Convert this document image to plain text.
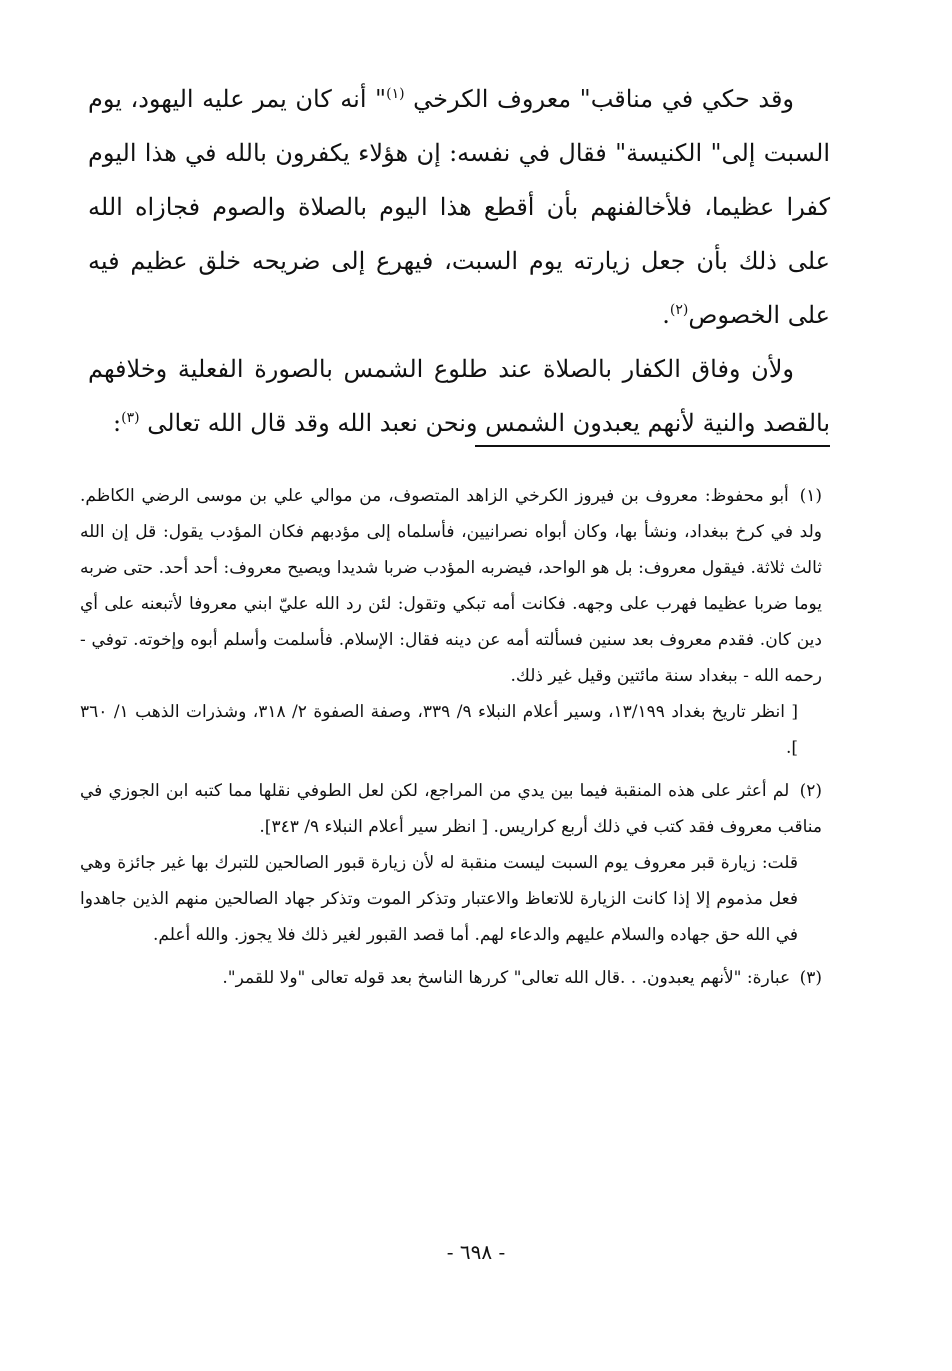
وقد حكي في مناقب" معروف الكرخي $^{(١)}$" أنه كان يمر عليه اليهود، يوم السبت إلى" الكنيسة" فقال في نفسه: إن هؤلاء يكفرون بالله في هذا اليوم كفرا عظيما، فلأخالفنهم بأن أقطع هذا اليوم بالصلاة والصوم فجازاه الله على ذلك بأن جعل زيارته يوم السبت، فيهرع إلى ضريحه خلق عظيم فيه على الخصوص$^{(٢)}$.

ولأن وفاق الكفار بالصلاة عند طلوع الشمس بالصورة الفعلية وخلافهم بالقصد والنية لأنهم يعبدون الشمس ونحن نعبد الله وقد قال الله تعالى $^{(٣)}$:

(١) أبو محفوظ: معروف بن فيروز الكرخي الزاهد المتصوف، من موالي علي بن موسى الرضي الكاظم. ولد في كرخ ببغداد، ونشأ بها، وكان أبواه نصرانيين، فأسلماه إلى مؤدبهم فكان المؤدب يقول: قل إن الله ثالث ثلاثة. فيقول معروف: بل هو الواحد، فيضربه المؤدب ضربا شديدا ويصيح معروف: أحد أحد. حتى ضربه يوما ضربا عظيما فهرب على وجهه. فكانت أمه تبكي وتقول: لئن رد الله عليّ ابني معروفا لأتبعنه على أي دين كان. فقدم معروف بعد سنين فسألته أمه عن دينه فقال: الإسلام. فأسلمت وأسلم أبوه وإخوته. توفي - رحمه الله - ببغداد سنة مائتين وقيل غير ذلك.

[ انظر تاريخ بغداد ١٣/١٩٩، وسير أعلام النبلاء ٩/ ٣٣٩، وصفة الصفوة ٢/ ٣١٨، وشذرات الذهب ١/ ٣٦٠ ].

(٢) لم أعثر على هذه المنقبة فيما بين يدي من المراجع، لكن لعل الطوفي نقلها مما كتبه ابن الجوزي في مناقب معروف فقد كتب في ذلك أربع كراريس. [ انظر سير أعلام النبلاء ٩/ ٣٤٣].

قلت: زيارة قبر معروف يوم السبت ليست منقبة له لأن زيارة قبور الصالحين للتبرك بها غير جائزة وهي فعل مذموم إلا إذا كانت الزيارة للاتعاظ والاعتبار وتذكر الموت وتذكر جهاد الصالحين منهم الذين جاهدوا في الله حق جهاده والسلام عليهم والدعاء لهم. أما قصد القبور لغير ذلك فلا يجوز. والله أعلم.

(٣) عبارة: "لأنهم يعبدون. . .قال الله تعالى" كررها الناسخ بعد قوله تعالى "ولا للقمر".

- ٦٩٨ -
